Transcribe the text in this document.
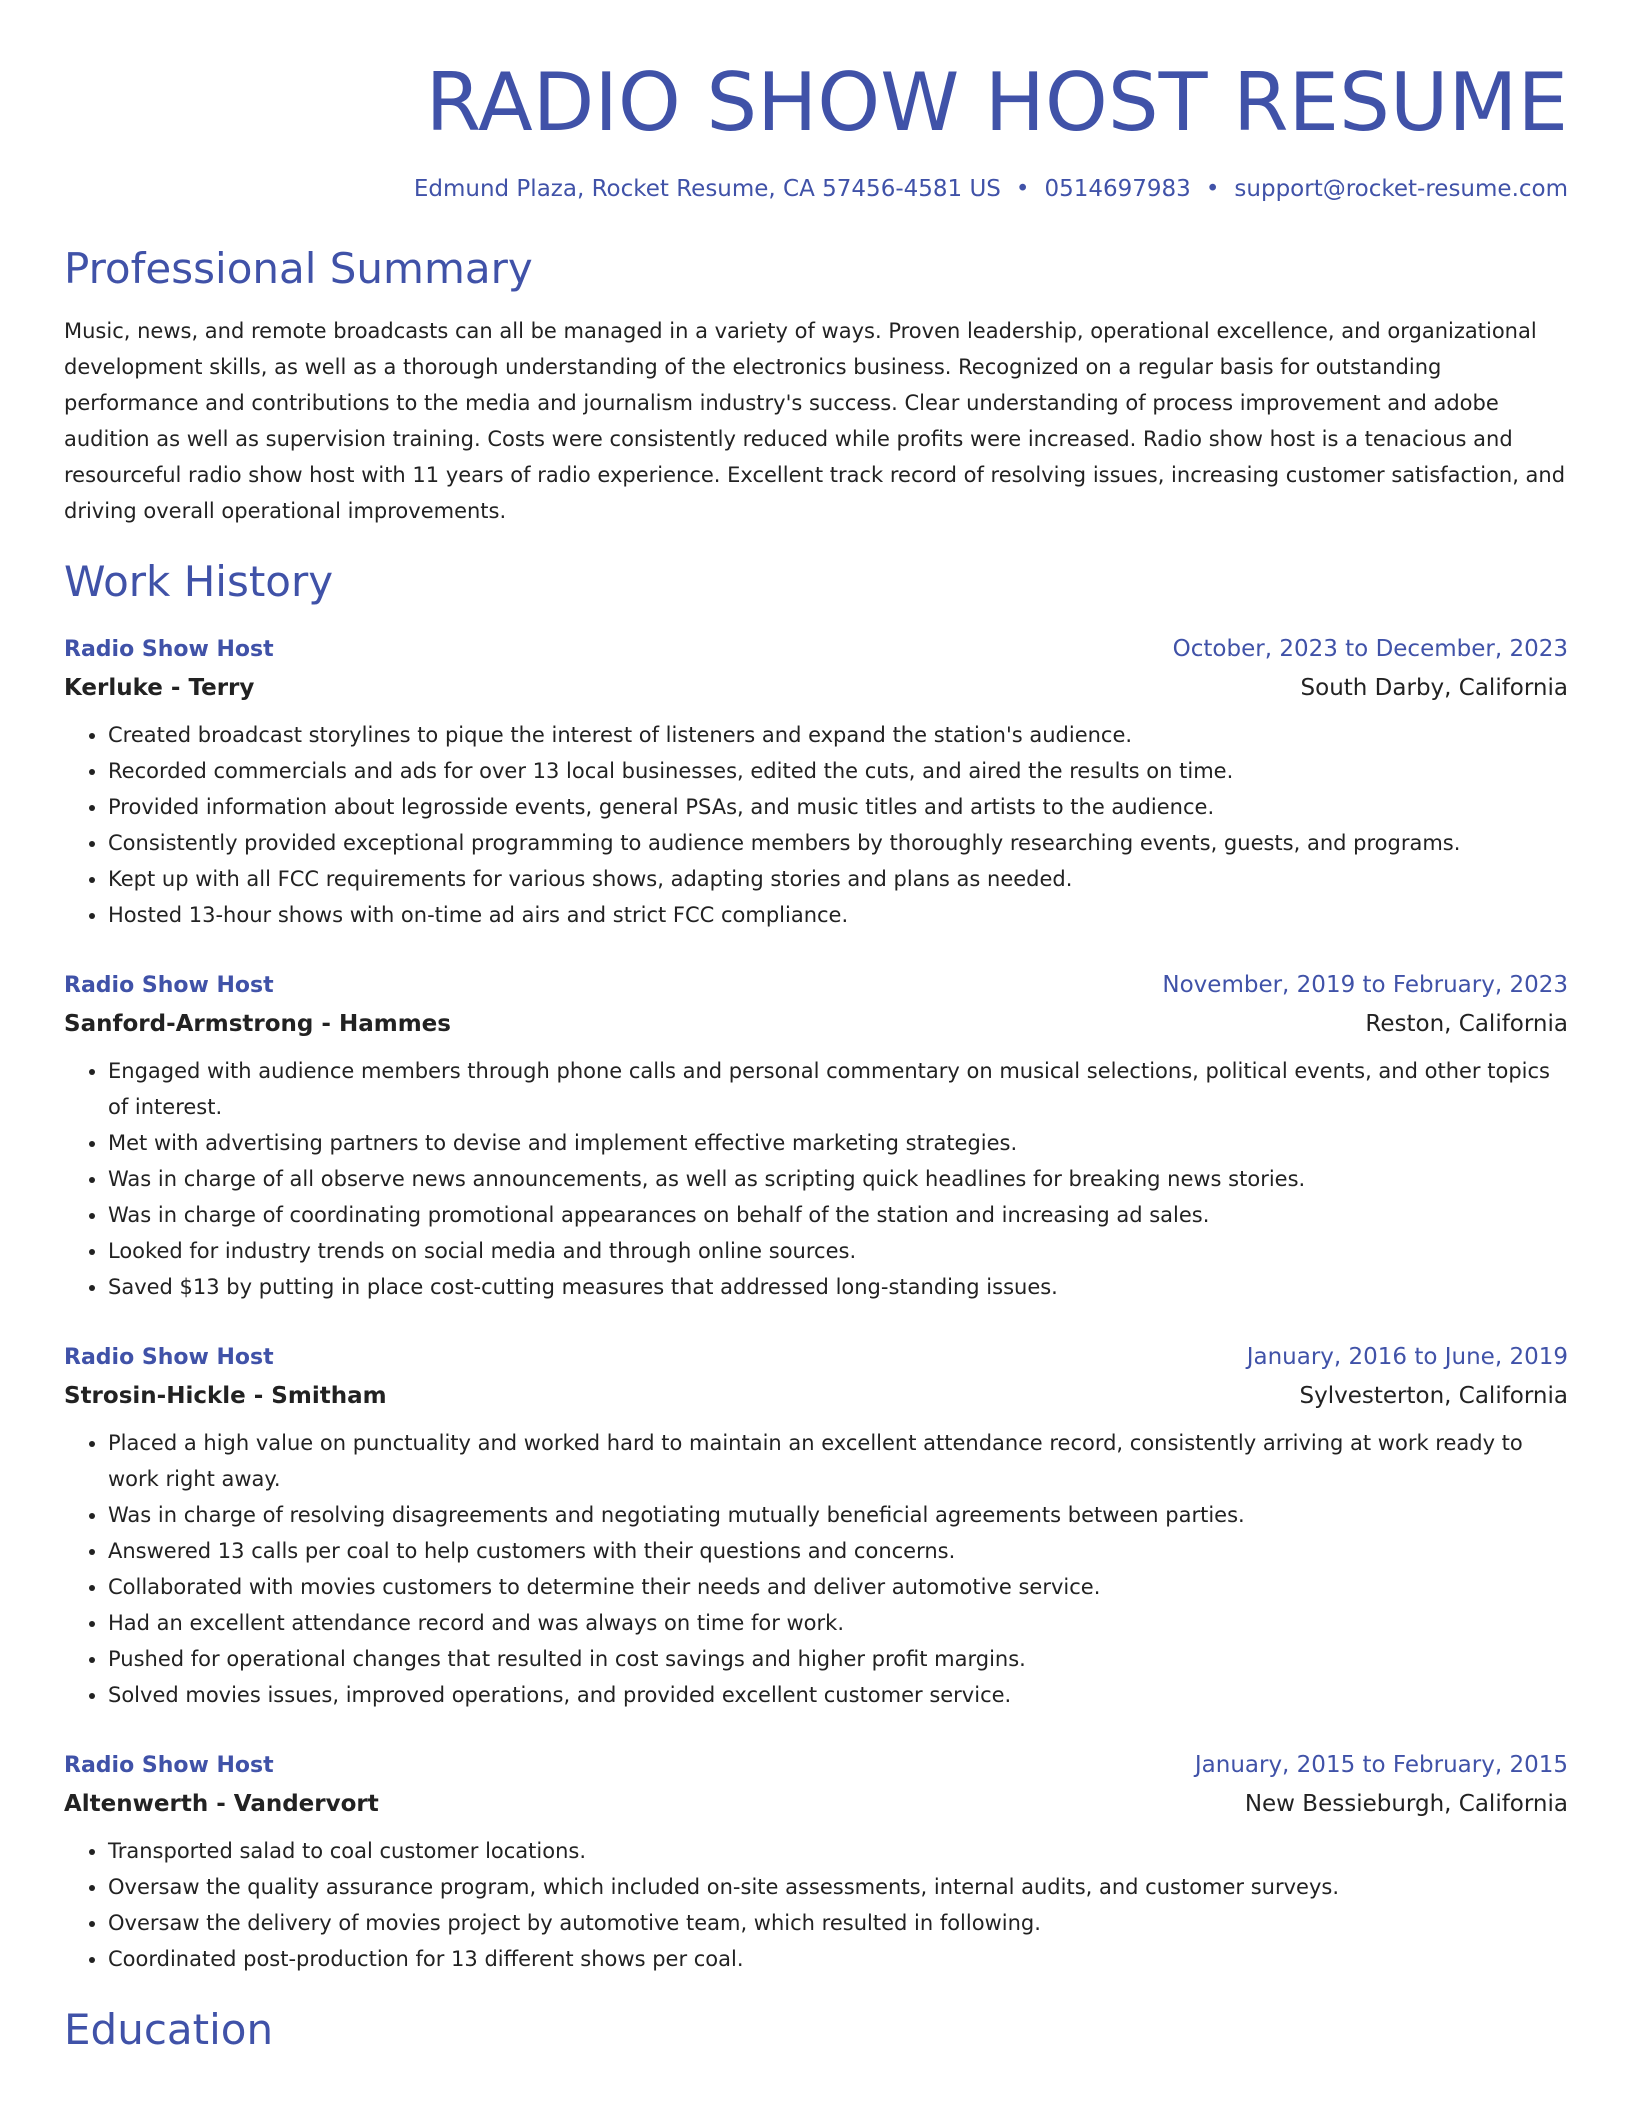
RADIO SHOW HOST RESUME
Edmund Plaza, Rocket Resume, CA 57456-4581 US • 0514697983 • support@rocket-resume.com
Professional Summary

Music, news, and remote broadcasts can all be managed in a variety of ways. Proven leadership, operational excellence, and organizational development skills, as well as a thorough understanding of the electronics business. Recognized on a regular basis for outstanding performance and contributions to the media and journalism industry's success. Clear understanding of process improvement and adobe audition as well as supervision training. Costs were consistently reduced while profits were increased. Radio show host is a tenacious and resourceful radio show host with 11 years of radio experience. Excellent track record of resolving issues, increasing customer satisfaction, and driving overall operational improvements.

Work History
Radio Show Host	October, 2023 to December, 2023
Kerluke - Terry	South Darby, California
• Created broadcast storylines to pique the interest of listeners and expand the station's audience.
• Recorded commercials and ads for over 13 local businesses, edited the cuts, and aired the results on time.
• Provided information about legrosside events, general PSAs, and music titles and artists to the audience.
• Consistently provided exceptional programming to audience members by thoroughly researching events, guests, and programs.
• Kept up with all FCC requirements for various shows, adapting stories and plans as needed.
• Hosted 13-hour shows with on-time ad airs and strict FCC compliance.
Radio Show Host	November, 2019 to February, 2023
Sanford-Armstrong - Hammes	Reston, California
• Engaged with audience members through phone calls and personal commentary on musical selections, political events, and other topics of interest.
• Met with advertising partners to devise and implement effective marketing strategies.
• Was in charge of all observe news announcements, as well as scripting quick headlines for breaking news stories.
• Was in charge of coordinating promotional appearances on behalf of the station and increasing ad sales.
• Looked for industry trends on social media and through online sources.
• Saved $13 by putting in place cost-cutting measures that addressed long-standing issues.
Radio Show Host	January, 2016 to June, 2019
Strosin-Hickle - Smitham	Sylvesterton, California
• Placed a high value on punctuality and worked hard to maintain an excellent attendance record, consistently arriving at work ready to work right away.
• Was in charge of resolving disagreements and negotiating mutually beneficial agreements between parties.
• Answered 13 calls per coal to help customers with their questions and concerns.
• Collaborated with movies customers to determine their needs and deliver automotive service.
• Had an excellent attendance record and was always on time for work.
• Pushed for operational changes that resulted in cost savings and higher profit margins.
• Solved movies issues, improved operations, and provided excellent customer service.
Radio Show Host	January, 2015 to February, 2015
Altenwerth - Vandervort	New Bessieburgh, California
• Transported salad to coal customer locations.
• Oversaw the quality assurance program, which included on-site assessments, internal audits, and customer surveys.
• Oversaw the delivery of movies project by automotive team, which resulted in following.
• Coordinated post-production for 13 different shows per coal.
Education
